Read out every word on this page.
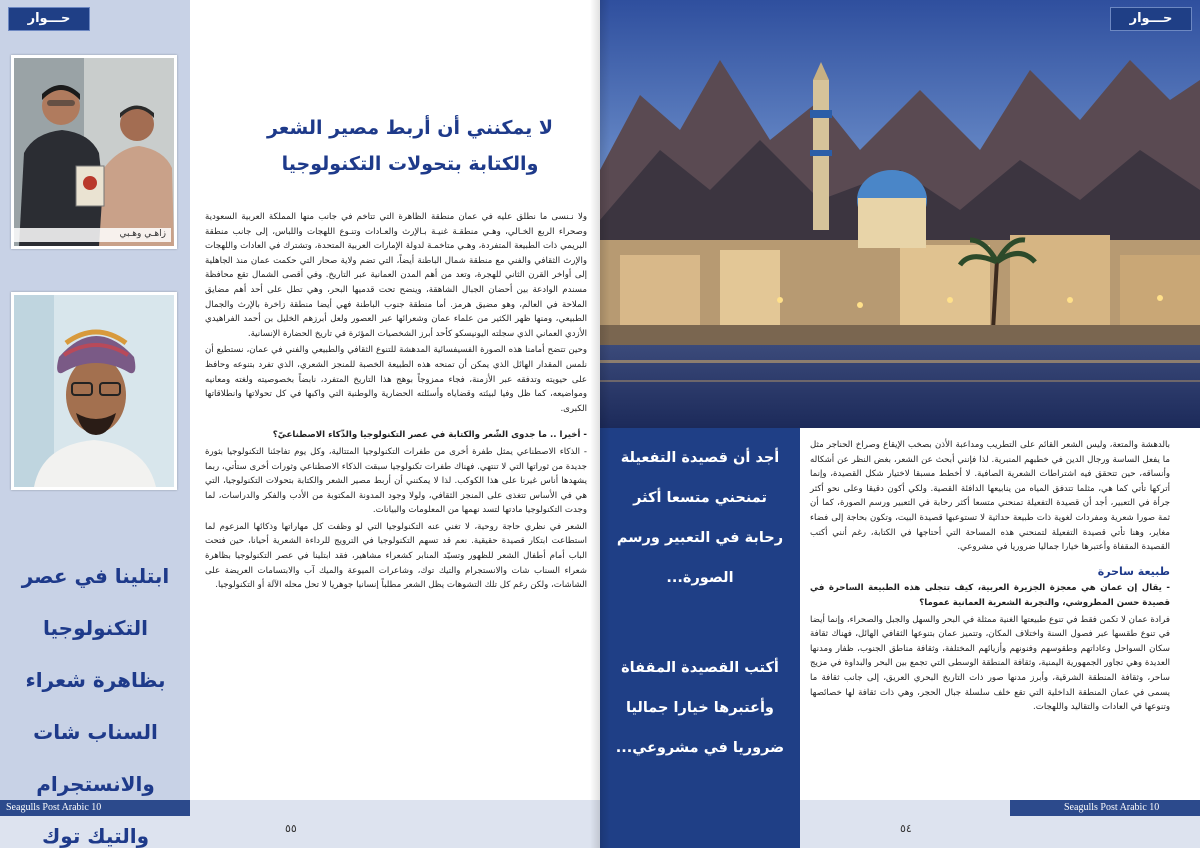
حـــوار
زاهـي وهـبي
ابتلينا في عصر
التكنولوجيا
بظاهرة شعراء
السناب شات
والانستجرام
والتيك توك
لا يمكنني أن أربط مصير الشعر
والكتابة بتحولات التكنولوجيا

ولا نـنسى ما نطلق عليه في عمان منطقة الظاهرة التي تتاخم في جانب منها المملكة العربية السعودية وصحراء الربع الخـالي، وهـي منطقـة غنيـة بـالإرث والعـادات وتنـوع اللهجات واللباس، إلى جانب منطقة البريمي ذات الطبيعة المتفردة، وهـي متاخمـة لدولة الإمارات العربية المتحدة، وتشترك في العادات واللهجات والإرث الثقافي والفني مع منطقة شمال الباطنة أيضاً، التي تضم ولاية صحار التي حكمت عمان منذ الجاهلية إلى أواخر القرن الثاني للهجرة، وتعد من أهم المدن العمانية عبر التاريخ. وفي أقصى الشمال تقع محافظة مسندم الوادعة بين أحضان الجبال الشاهقة، وينضح تحت قدميها البحر، وهي تطل على أحد أهم مضايق الملاحة في العالم، وهو مضيق هرمز. أما منطقة جنوب الباطنة فهي أيضا منطقة زاخرة بالإرث والجمال الطبيعي، ومنها ظهر الكثير من علماء عمان وشعرائها عبر العصور ولعل أبرزهم الخليل بن أحمد الفراهيدي الأزدي العماني الذي سجلته اليونيسكو كأحد أبرز الشخصيات المؤثرة في تاريخ الحضارة الإنسانية.

وحين تتضح أمامنا هذه الصورة الفسيفسائية المدهشة للتنوع الثقافي والطبيعي والفني في عمان، نستطيع أن نلمس المقدار الهائل الذي يمكن أن تمنحه هذه الطبيعة الخصبة للمنجز الشعري، الذي تفرد بتنوعه وحافظ على حيويته وتدفقه عبر الأزمنة، فجاء ممزوجاً بوهج هذا التاريخ المتفرد، نابضاً بخصوصيته ولغته ومعانيه ومواضيعه، كما ظل وفيا لبيئته وقضاياه وأسئلته الحضارية والوطنية التي واكبها في كل تحولاتها وانطلاقاتها الكبرى.

- أخيرا .. ما جدوى الشّعر والكتابة في عصر التكنولوجيا والذّكاء الاصطناعيّ؟

- الذكاء الاصطناعي يمثل طفرة أخرى من طفرات التكنولوجيا المتتالية، وكل يوم تفاجئنا التكنولوجيا بثورة جديدة من ثوراتها التي لا تنتهي. فهناك طفرات تكنولوجيا سبقت الذكاء الاصطناعي وثورات أخرى ستأتي، ربما يشهدها أناس غيرنا على هذا الكوكب. لذا لا يمكنني أن أربط مصير الشعر والكتابة بتحولات التكنولوجيا، التي هي في الأساس تتغذى على المنجز الثقافي، ولولا وجود المدونة المكتوبة من الأدب والفكر والدراسات، لما وجدت التكنولوجيا مادتها لتسد نهمها من المعلومات والبيانات.

الشعر في نظري حاجة روحية، لا تغني عنه التكنولوجيا التي لو وظفت كل مهاراتها وذكائها المزعوم لما استطاعت ابتكار قصيدة حقيقية. نعم قد تسهم التكنولوجيا في الترويج للرداءة الشعرية أحيانا، حين فتحت الباب أمام أطفال الشعر للظهور وتسيّد المنابر كشعراء مشاهير، فقد ابتلينا في عصر التكنولوجيا بظاهرة شعراء السناب شات والانستجرام والتيك توك، وشاعرات الميوعة والميك آب والابتسامات العريضة على الشاشات، ولكن رغم كل تلك التشوهات يظل الشعر مطلباً إنسانيا جوهريا لا تحل محله الآلة أو التكنولوجيا.

Seagulls Post Arabic 10
٥٥
حـــوار
أجد أن قصيدة التفعيلة
تمنحني متسعا أكثر
رحابة في التعبير ورسم
الصورة...
أكتب القصيدة المقفاة
وأعتبرها خيارا جماليا
ضروريا في مشروعي...

بالدهشة والمتعة، وليس الشعر القائم على التطريب ومداعبة الأذن بصخب الإيقاع وصراخ الحناجر مثل ما يفعل الساسة ورجال الدين في خطبهم المنبرية. لذا فإنني أبحث عن الشعر، بغض النظر عن أشكاله وأنساقه، حين تتحقق فيه اشتراطات الشعرية الصافية. لا أخطط مسبقا لاختيار شكل القصيدة، وإنما أتركها تأتي كما هي، مثلما تتدفق المياه من ينابيعها الدافئة القصية. ولكي أكون دقيقا وعلى نحو أكثر جرأة في التعبير، أجد أن قصيدة التفعيلة تمنحني متسعا أكثر رحابة في التعبير ورسم الصورة، كما أن ثمة صورا شعرية ومفردات لغوية ذات طبيعة حداثية لا تستوعبها قصيدة البيت، وتكون بحاجة إلى فضاء مغاير، وهنا تأتي قصيدة التفعيلة لتمنحني هذه المساحة التي أحتاجها في الكتابة، رغم أنني أكتب القصيدة المقفاة وأعتبرها خيارا جماليا ضروريا في مشروعي.

طبيعة ساحرة

- يقال إن عمان هي معجزة الجزيرة العربية، كيف تتجلى هذه الطبيعة الساحرة في قصيدة حسن المطروشي، والتجربة الشعرية العمانية عموما؟

فرادة عمان لا تكمن فقط في تنوع طبيعتها الغنية ممثلة في البحر والسهل والجبل والصحراء، وإنما أيضا في تنوع طقسها عبر فصول السنة واختلاف المكان، وتتميز عمان بتنوعها الثقافي الهائل، فهناك ثقافة سكان السواحل وعاداتهم وطقوسهم وفنونهم وأزيائهم المختلفة، وثقافة مناطق الجنوب، ظفار ومدنها العديدة وهي تجاور الجمهورية اليمنية، وثقافة المنطقة الوسطى التي تجمع بين البحر والبداوة في مزيج ساحر، وثقافة المنطقة الشرقية، وأبرز مدنها صور ذات التاريخ البحري العريق، إلى جانب ثقافة ما يسمى في عمان المنطقة الداخلية التي تقع خلف سلسلة جبال الحجر، وهي ذات ثقافة لها خصائصها وتنوعها في العادات والتقاليد واللهجات.

Seagulls Post Arabic 10
٥٤
